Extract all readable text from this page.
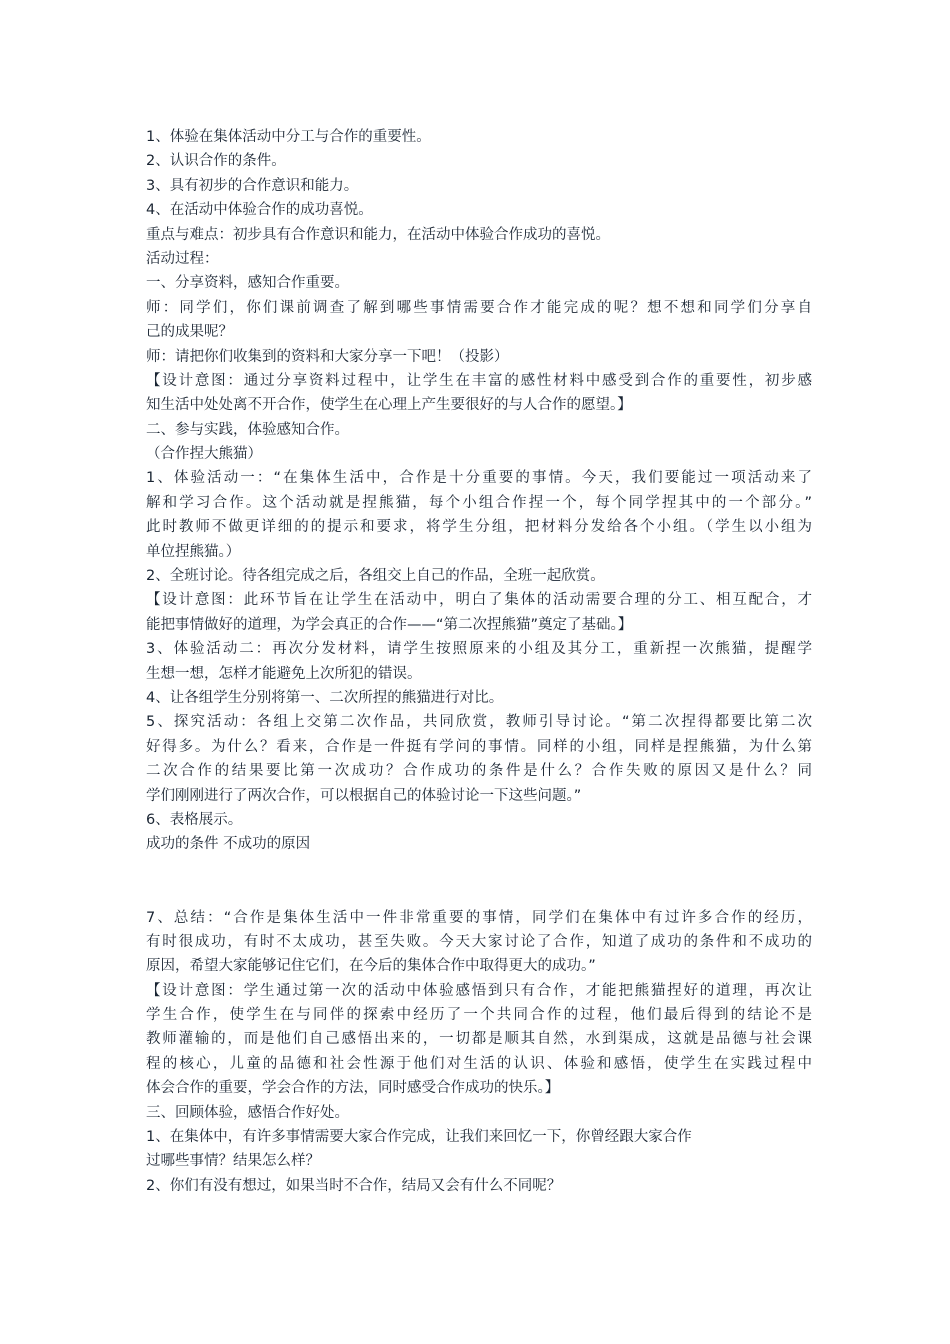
1、体验在集体活动中分工与合作的重要性。
2、认识合作的条件。
3、具有初步的合作意识和能力。
4、在活动中体验合作的成功喜悦。
重点与难点：初步具有合作意识和能力，在活动中体验合作成功的喜悦。
活动过程：
一、分享资料，感知合作重要。
师：同学们，你们课前调查了解到哪些事情需要合作才能完成的呢？想不想和同学们分享自
己的成果呢？
师：请把你们收集到的资料和大家分享一下吧！（投影）
【设计意图：通过分享资料过程中，让学生在丰富的感性材料中感受到合作的重要性，初步感
知生活中处处离不开合作，使学生在心理上产生要很好的与人合作的愿望。】
二、参与实践，体验感知合作。
（合作捏大熊猫）
1、体验活动一：“在集体生活中，合作是十分重要的事情。今天，我们要能过一项活动来了
解和学习合作。这个活动就是捏熊猫，每个小组合作捏一个，每个同学捏其中的一个部分。”
此时教师不做更详细的的提示和要求，将学生分组，把材料分发给各个小组。（学生以小组为
单位捏熊猫。）
2、全班讨论。待各组完成之后，各组交上自己的作品，全班一起欣赏。
【设计意图：此环节旨在让学生在活动中，明白了集体的活动需要合理的分工、相互配合，才
能把事情做好的道理，为学会真正的合作——“第二次捏熊猫”奠定了基础。】
3、体验活动二：再次分发材料，请学生按照原来的小组及其分工，重新捏一次熊猫，提醒学
生想一想，怎样才能避免上次所犯的错误。
4、让各组学生分别将第一、二次所捏的熊猫进行对比。
5、探究活动：各组上交第二次作品，共同欣赏，教师引导讨论。“第二次捏得都要比第二次
好得多。为什么？看来，合作是一件挺有学问的事情。同样的小组，同样是捏熊猫，为什么第
二次合作的结果要比第一次成功？合作成功的条件是什么？合作失败的原因又是什么？同
学们刚刚进行了两次合作，可以根据自己的体验讨论一下这些问题。”
6、表格展示。
成功的条件 不成功的原因
7、总结：“合作是集体生活中一件非常重要的事情，同学们在集体中有过许多合作的经历，
有时很成功，有时不太成功，甚至失败。今天大家讨论了合作，知道了成功的条件和不成功的
原因，希望大家能够记住它们，在今后的集体合作中取得更大的成功。”
【设计意图：学生通过第一次的活动中体验感悟到只有合作，才能把熊猫捏好的道理，再次让
学生合作，使学生在与同伴的探索中经历了一个共同合作的过程，他们最后得到的结论不是
教师灌输的，而是他们自己感悟出来的，一切都是顺其自然，水到渠成，这就是品德与社会课
程的核心，儿童的品德和社会性源于他们对生活的认识、体验和感悟，使学生在实践过程中
体会合作的重要，学会合作的方法，同时感受合作成功的快乐。】
三、回顾体验，感悟合作好处。
1、在集体中，有许多事情需要大家合作完成，让我们来回忆一下，你曾经跟大家合作
过哪些事情？结果怎么样？
2、你们有没有想过，如果当时不合作，结局又会有什么不同呢？
